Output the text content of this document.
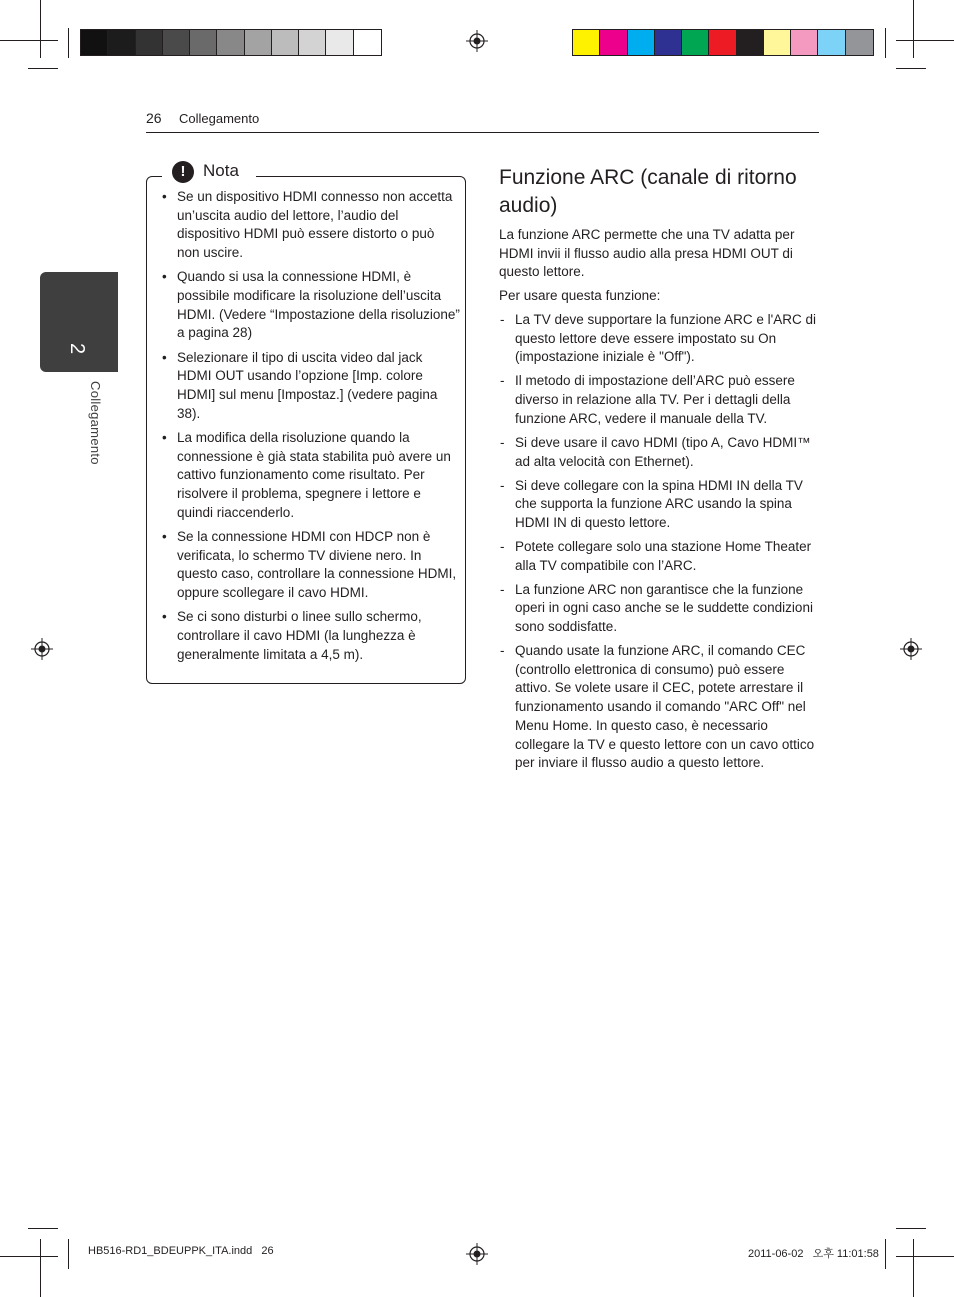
26 Collegamento
2
Collegamento
!	Nota
• Se un dispositivo HDMI connesso non accetta un’uscita audio del lettore, l’audio del dispositivo HDMI può essere distorto o può non uscire.
• Quando si usa la connessione HDMI, è possibile modificare la risoluzione dell’uscita HDMI. (Vedere “Impostazione della risoluzione” a pagina 28)
• Selezionare il tipo di uscita video dal jack HDMI OUT usando l’opzione [Imp. colore HDMI] sul menu [Impostaz.] (vedere pagina 38).
• La modifica della risoluzione quando la connessione è già stata stabilita può avere un cattivo funzionamento come risultato. Per risolvere il problema, spegnere i lettore e quindi riaccenderlo.
• Se la connessione HDMI con HDCP non è verificata, lo schermo TV diviene nero. In questo caso, controllare la connessione HDMI, oppure scollegare il cavo HDMI.
• Se ci sono disturbi o linee sullo schermo, controllare il cavo HDMI (la lunghezza è generalmente limitata a 4,5 m).
Funzione ARC (canale di ritorno audio)

La funzione ARC permette che una TV adatta per HDMI invii il flusso audio alla presa HDMI OUT di questo lettore.

Per usare questa funzione:

- La TV deve supportare la funzione ARC e l'ARC di questo lettore deve essere impostato su On (impostazione iniziale è "Off").
- Il metodo di impostazione dell’ARC può essere diverso in relazione alla TV. Per i dettagli della funzione ARC, vedere il manuale della TV.
- Si deve usare il cavo HDMI (tipo A, Cavo HDMI™ ad alta velocità con Ethernet).
- Si deve collegare con la spina HDMI IN della TV che supporta la funzione ARC usando la spina HDMI IN di questo lettore.
- Potete collegare solo una stazione Home Theater alla TV compatibile con l’ARC.
- La funzione ARC non garantisce che la funzione operi in ogni caso anche se le suddette condizioni sono soddisfatte.
- Quando usate la funzione ARC, il comando CEC (controllo elettronica di consumo) può essere attivo. Se volete usare il CEC, potete arrestare il funzionamento usando il comando "ARC Off" nel Menu Home. In questo caso, è necessario collegare la TV e questo lettore con un cavo ottico per inviare il flusso audio a questo lettore.
HB516-RD1_BDEUPPK_ITA.indd   26	2011-06-02   오후 11:01:58
